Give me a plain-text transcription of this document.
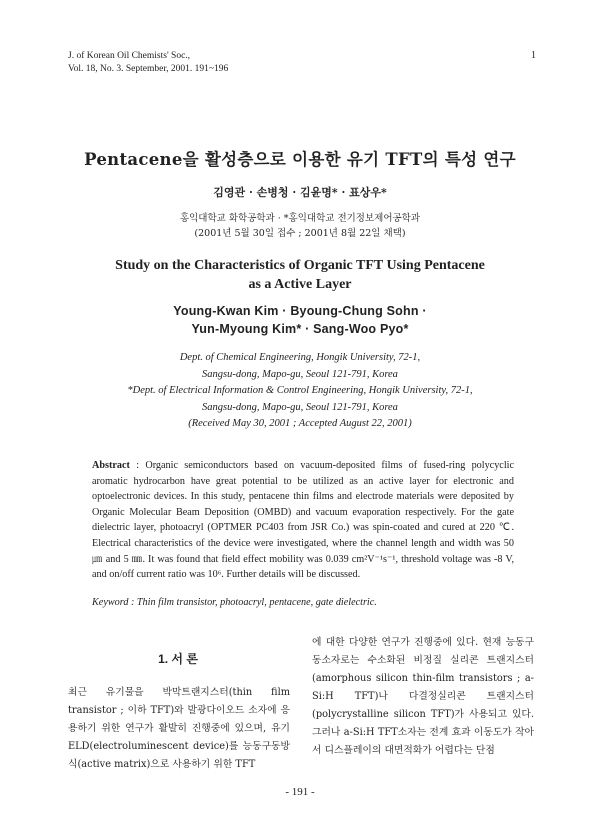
J. of Korean Oil Chemists' Soc.,
Vol. 18, No. 3. September, 2001. 191~196
1
Pentacene을 활성층으로 이용한 유기 TFT의 특성 연구
김영관 · 손병청 · 김윤명* · 표상우*
홍익대학교 화학공학과 · *홍익대학교 전기정보제어공학과
(2001년 5월 30일 접수 ; 2001년 8월 22일 채택)
Study on the Characteristics of Organic TFT Using Pentacene
as a Active Layer
Young-Kwan Kim · Byoung-Chung Sohn ·
Yun-Myoung Kim* · Sang-Woo Pyo*
Dept. of Chemical Engineering, Hongik University, 72-1,
Sangsu-dong, Mapo-gu, Seoul 121-791, Korea
*Dept. of Electrical Information & Control Engineering, Hongik University, 72-1,
Sangsu-dong, Mapo-gu, Seoul 121-791, Korea
(Received May 30, 2001 ; Accepted August 22, 2001)

Abstract : Organic semiconductors based on vacuum-deposited films of fused-ring polycyclic aromatic hydrocarbon have great potential to be utilized as an active layer for electronic and optoelectronic devices. In this study, pentacene thin films and electrode materials were deposited by Organic Molecular Beam Deposition (OMBD) and vacuum evaporation respectively. For the gate dielectric layer, photoacryl (OPTMER PC403 from JSR Co.) was spin-coated and cured at 220 ℃. Electrical characteristics of the device were investigated, where the channel length and width was 50 ㎛ and 5 ㎜. It was found that field effect mobility was 0.039 cm²V⁻¹s⁻¹, threshold voltage was -8 V, and on/off current ratio was 10⁶. Further details will be discussed.

Keyword : Thin film transistor, photoacryl, pentacene, gate dielectric.
1. 서 론

최근 유기물을 박막트랜지스터(thin film transistor ; 이하 TFT)와 발광다이오드 소자에 응용하기 위한 연구가 활발히 진행중에 있으며, 유기 ELD(electroluminescent device)를 능동구동방식(active matrix)으로 사용하기 위한 TFT

에 대한 다양한 연구가 진행중에 있다. 현재 능동구동소자로는 수소화된 비정질 실리콘 트랜지스터(amorphous silicon thin-film transistors ; a-Si:H TFT)나 다결정실리콘 트랜지스터(polycrystalline silicon TFT)가 사용되고 있다. 그러나 a-Si:H TFT소자는 전계 효과 이동도가 작아서 디스플레이의 대면적화가 어렵다는 단점

- 191 -
